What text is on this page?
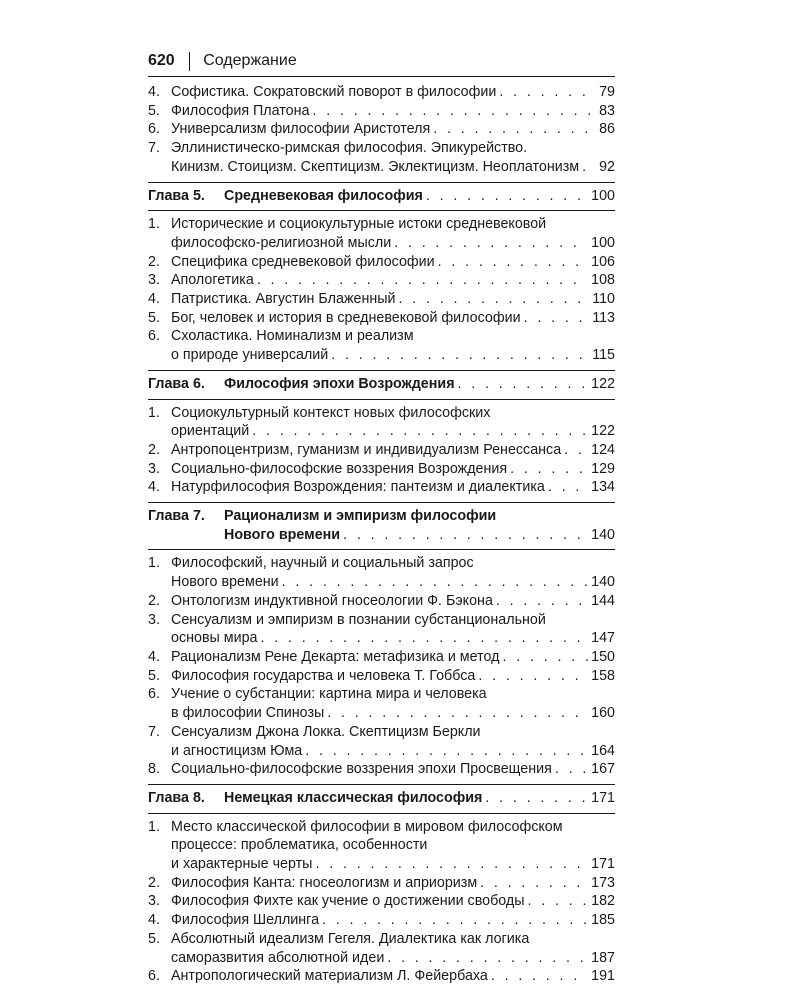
620 Содержание
4. Софистика. Сократовский поворот в философии . . .	79
5. Философия Платона . . .	83
6. Универсализм философии Аристотеля . . .	86
7. Эллинистическо-римская философия. Эпикурейство.
Кинизм. Стоицизм. Скептицизм. Эклектицизм. Неоплатонизм . . . 92
Глава 5.	Средневековая философия . . .	100
1. Исторические и социокультурные истоки средневековой
философско-религиозной мысли . . .	100
2. Специфика средневековой философии . . .	106
3. Апологетика . . .	108
4. Патристика. Августин Блаженный . . .	110
5. Бог, человек и история в средневековой философии . . .	113
6. Схоластика. Номинализм и реализм
о природе универсалий . . .	115
Глава 6.	Философия эпохи Возрождения . . .	122
1. Социокультурный контекст новых философских
ориентаций . . .	122
2. Антропоцентризм, гуманизм и индивидуализм Ренессанса . . . 124
3. Социально-философские воззрения Возрождения . . .	129
4. Натурфилософия Возрождения: пантеизм и диалектика . . .	134
Глава 7.	Рационализм и эмпиризм философии
Нового времени . . .	140
1. Философский, научный и социальный запрос
Нового времени . . .	140
2. Онтологизм индуктивной гносеологии Ф. Бэкона . . .	144
3. Сенсуализм и эмпиризм в познании субстанциональной
основы мира . . .	147
4. Рационализм Рене Декарта: метафизика и метод . . .	150
5. Философия государства и человека Т. Гоббса . . .	158
6. Учение о субстанции: картина мира и человека
в философии Спинозы . . .	160
7. Сенсуализм Джона Локка. Скептицизм Беркли
и агностицизм Юма . . .	164
8. Социально-философские воззрения эпохи Просвещения . . .	167
Глава 8.	Немецкая классическая философия . . .	171
1. Место классической философии в мировом философском
процессе: проблематика, особенности
и характерные черты . . .	171
2. Философия Канта: гносеологизм и априоризм . . .	173
3. Философия Фихте как учение о достижении свободы . . .	182
4. Философия Шеллинга . . .	185
5. Абсолютный идеализм Гегеля. Диалектика как логика
саморазвития абсолютной идеи . . .	187
6. Антропологический материализм Л. Фейербаха . . .	191
